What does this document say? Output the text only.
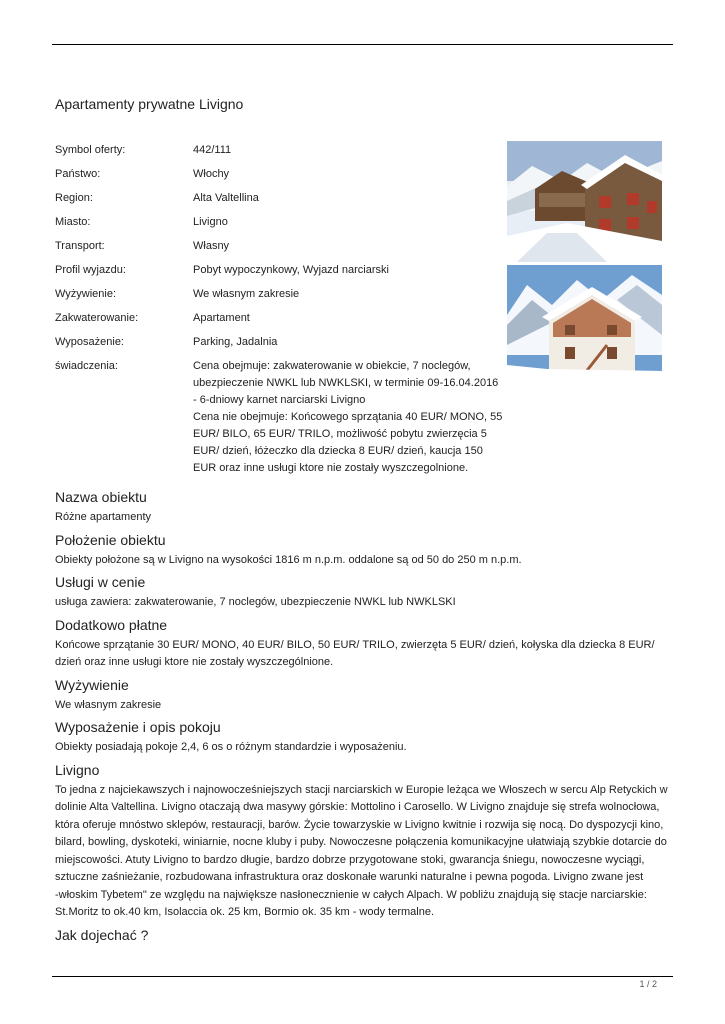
Apartamenty prywatne Livigno
Symbol oferty:	442/111
Państwo:	Włochy
Region:	Alta Valtellina
Miasto:	Livigno
Transport:	Własny
Profil wyjazdu:	Pobyt wypoczynkowy, Wyjazd narciarski
Wyżywienie:	We własnym zakresie
Zakwaterowanie:	Apartament
Wyposażenie:	Parking, Jadalnia
świadczenia:	Cena obejmuje: zakwaterowanie w obiekcie, 7 noclegów,
ubezpieczenie NWKL lub NWKLSKI, w terminie 09-16.04.2016
- 6-dniowy karnet narciarski Livigno
Cena nie obejmuje: Końcowego sprzątania 40 EUR/ MONO, 55
EUR/ BILO, 65 EUR/ TRILO, możliwość pobytu zwierzęcia 5
EUR/ dzień, łóżeczko dla dziecka 8 EUR/ dzień, kaucja 150
EUR oraz inne usługi ktore nie zostały wyszczegolnione.
Nazwa obiektu
Różne apartamenty
Położenie obiektu
Obiekty położone są w Livigno na wysokości 1816 m n.p.m. oddalone są od 50 do 250 m n.p.m.
Usługi w cenie
usługa zawiera: zakwaterowanie, 7 noclegów, ubezpieczenie NWKL lub NWKLSKI
Dodatkowo płatne
Końcowe sprzątanie 30 EUR/ MONO, 40 EUR/ BILO, 50 EUR/ TRILO, zwierzęta 5 EUR/ dzień, kołyska dla dziecka 8 EUR/
dzień oraz inne usługi ktore nie zostały wyszczególnione.
Wyżywienie
We własnym zakresie
Wyposażenie i opis pokoju
Obiekty posiadają pokoje 2,4, 6 os o różnym standardzie i wyposażeniu.
Livigno
To jedna z najciekawszych i najnowocześniejszych stacji narciarskich w Europie leżąca we Włoszech w sercu Alp Retyckich w
dolinie Alta Valtellina. Livigno otaczają dwa masywy górskie: Mottolino i Carosello. W Livigno znajduje się strefa wolnocłowa,
która oferuje mnóstwo sklepów, restauracji, barów. Życie towarzyskie w Livigno kwitnie i rozwija się nocą. Do dyspozycji kino,
bilard, bowling, dyskoteki, winiarnie, nocne kluby i puby. Nowoczesne połączenia komunikacyjne ułatwiają szybkie dotarcie do
miejscowości. Atuty Livigno to bardzo długie, bardzo dobrze przygotowane stoki, gwarancja śniegu, nowoczesne wyciągi,
sztuczne zaśnieżanie, rozbudowana infrastruktura oraz doskonałe warunki naturalne i pewna pogoda. Livigno zwane jest
-włoskim Tybetem" ze względu na największe nasłonecznienie w całych Alpach. W pobliżu znajdują się stacje narciarskie:
St.Moritz to ok.40 km, Isolaccia ok. 25 km, Bormio ok. 35 km - wody termalne.
Jak dojechać ?
1 / 2
